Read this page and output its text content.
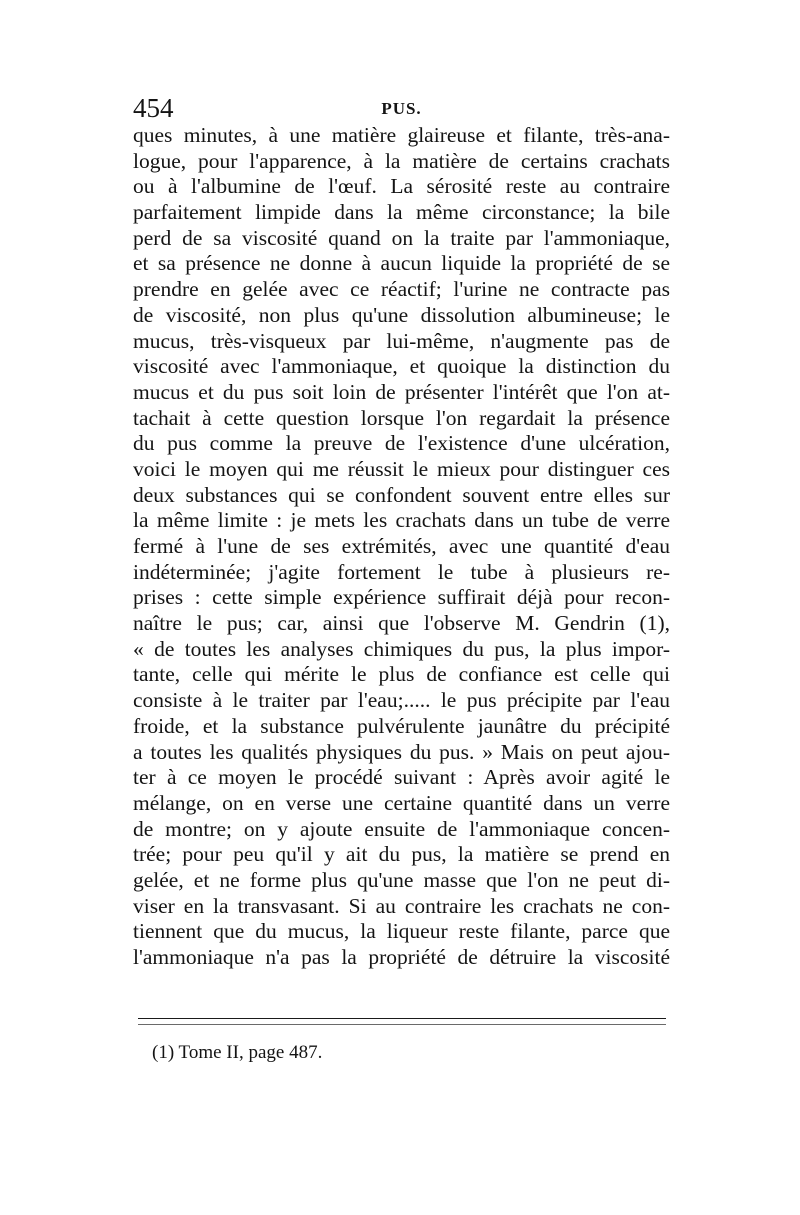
454	PUS.
ques minutes, à une matière glaireuse et filante, très-ana-
logue, pour l'apparence, à la matière de certains crachats
ou à l'albumine de l'œuf. La sérosité reste au contraire
parfaitement limpide dans la même circonstance; la bile
perd de sa viscosité quand on la traite par l'ammoniaque,
et sa présence ne donne à aucun liquide la propriété de se
prendre en gelée avec ce réactif; l'urine ne contracte pas
de viscosité, non plus qu'une dissolution albumineuse; le
mucus, très-visqueux par lui-même, n'augmente pas de
viscosité avec l'ammoniaque, et quoique la distinction du
mucus et du pus soit loin de présenter l'intérêt que l'on at-
tachait à cette question lorsque l'on regardait la présence
du pus comme la preuve de l'existence d'une ulcération,
voici le moyen qui me réussit le mieux pour distinguer ces
deux substances qui se confondent souvent entre elles sur
la même limite : je mets les crachats dans un tube de verre
fermé à l'une de ses extrémités, avec une quantité d'eau
indéterminée; j'agite fortement le tube à plusieurs re-
prises : cette simple expérience suffirait déjà pour recon-
naître le pus; car, ainsi que l'observe M. Gendrin (1),
« de toutes les analyses chimiques du pus, la plus impor-
tante, celle qui mérite le plus de confiance est celle qui
consiste à le traiter par l'eau;..... le pus précipite par l'eau
froide, et la substance pulvérulente jaunâtre du précipité
a toutes les qualités physiques du pus. » Mais on peut ajou-
ter à ce moyen le procédé suivant : Après avoir agité le
mélange, on en verse une certaine quantité dans un verre
de montre; on y ajoute ensuite de l'ammoniaque concen-
trée; pour peu qu'il y ait du pus, la matière se prend en
gelée, et ne forme plus qu'une masse que l'on ne peut di-
viser en la transvasant. Si au contraire les crachats ne con-
tiennent que du mucus, la liqueur reste filante, parce que
l'ammoniaque n'a pas la propriété de détruire la viscosité
(1) Tome II, page 487.
